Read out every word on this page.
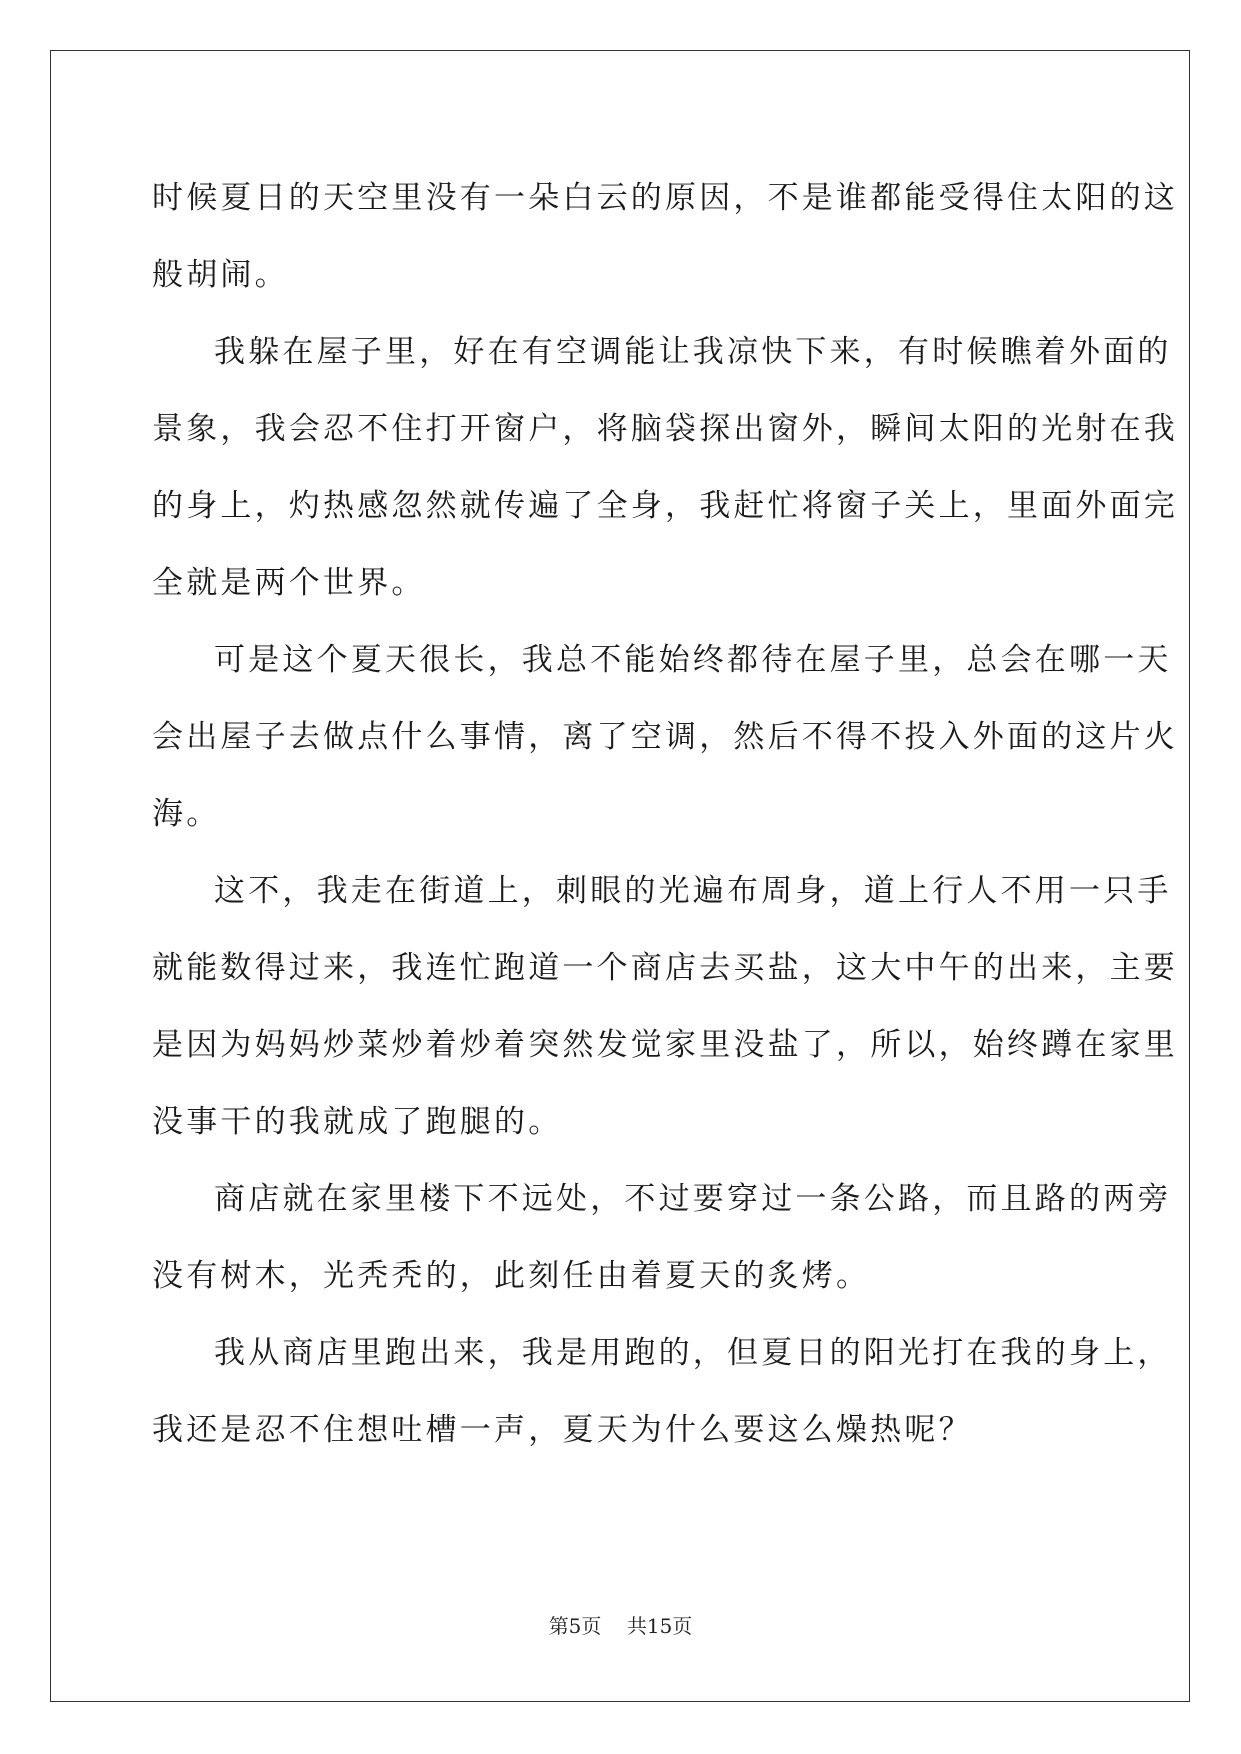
时候夏日的天空里没有一朵白云的原因，不是谁都能受得住太阳的这
般胡闹。
我躲在屋子里，好在有空调能让我凉快下来，有时候瞧着外面的
景象，我会忍不住打开窗户，将脑袋探出窗外，瞬间太阳的光射在我
的身上，灼热感忽然就传遍了全身，我赶忙将窗子关上，里面外面完
全就是两个世界。
可是这个夏天很长，我总不能始终都待在屋子里，总会在哪一天
会出屋子去做点什么事情，离了空调，然后不得不投入外面的这片火
海。
这不，我走在街道上，刺眼的光遍布周身，道上行人不用一只手
就能数得过来，我连忙跑道一个商店去买盐，这大中午的出来，主要
是因为妈妈炒菜炒着炒着突然发觉家里没盐了，所以，始终蹲在家里
没事干的我就成了跑腿的。
商店就在家里楼下不远处，不过要穿过一条公路，而且路的两旁
没有树木，光秃秃的，此刻任由着夏天的炙烤。
我从商店里跑出来，我是用跑的，但夏日的阳光打在我的身上，
我还是忍不住想吐槽一声，夏天为什么要这么燥热呢？
第5页 共15页
